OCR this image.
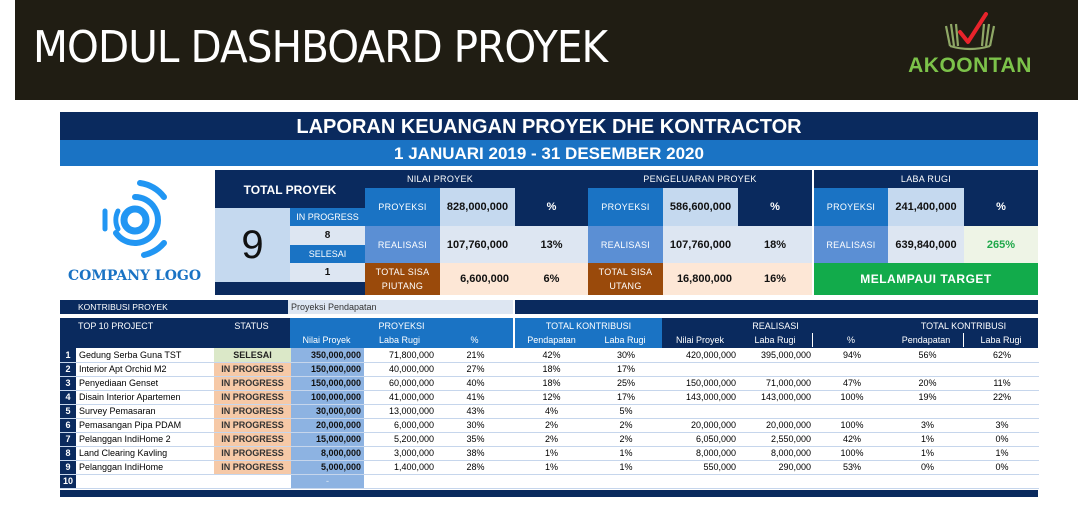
MODUL DASHBOARD PROYEK	AKOONTAN
LAPORAN KEUANGAN PROYEK DHE KONTRACTOR
1 JANUARI 2019 - 31 DESEMBER 2020
COMPANY LOGO
TOTAL PROYEK
9
IN PROGRESS
8
SELESAI
1
NILAI PROYEK
PROYEKSI	828,000,000	%
REALISASI	107,760,000	13%
TOTAL SISA PIUTANG
6,600,000	6%
PENGELUARAN PROYEK
PROYEKSI	586,600,000	%
REALISASI	107,760,000	18%
TOTAL SISA UTANG
16,800,000	16%
LABA RUGI
PROYEKSI	241,400,000	%
REALISASI	639,840,000	265%
MELAMPAUI TARGET
KONTRIBUSI PROYEK	Proyeksi Pendapatan
TOP 10 PROJECT	STATUS	PROYEKSI
Nilai Proyek	Laba Rugi	%
TOTAL KONTRIBUSI
Pendapatan	Laba Rugi
REALISASI	TOTAL KONTRIBUSI
Nilai Proyek	Laba Rugi	%	Pendapatan	Laba Rugi
1	Gedung Serba Guna TST	SELESAI	350,000,000	71,800,000	21%	42%	30%	420,000,000	395,000,000	94%	56%	62%
2	Interior Apt Orchid M2	IN PROGRESS	150,000,000	40,000,000	27%	18%	17%					
3	Penyediaan Genset	IN PROGRESS	150,000,000	60,000,000	40%	18%	25%	150,000,000	71,000,000	47%	20%	11%
4	Disain Interior Apartemen	IN PROGRESS	100,000,000	41,000,000	41%	12%	17%	143,000,000	143,000,000	100%	19%	22%
5	Survey Pemasaran	IN PROGRESS	30,000,000	13,000,000	43%	4%	5%					
6	Pemasangan Pipa PDAM	IN PROGRESS	20,000,000	6,000,000	30%	2%	2%	20,000,000	20,000,000	100%	3%	3%
7	Pelanggan IndiHome 2	IN PROGRESS	15,000,000	5,200,000	35%	2%	2%	6,050,000	2,550,000	42%	1%	0%
8	Land Clearing Kavling	IN PROGRESS	8,000,000	3,000,000	38%	1%	1%	8,000,000	8,000,000	100%	1%	1%
9	Pelanggan IndiHome	IN PROGRESS	5,000,000	1,400,000	28%	1%	1%	550,000	290,000	53%	0%	0%
10			-									
